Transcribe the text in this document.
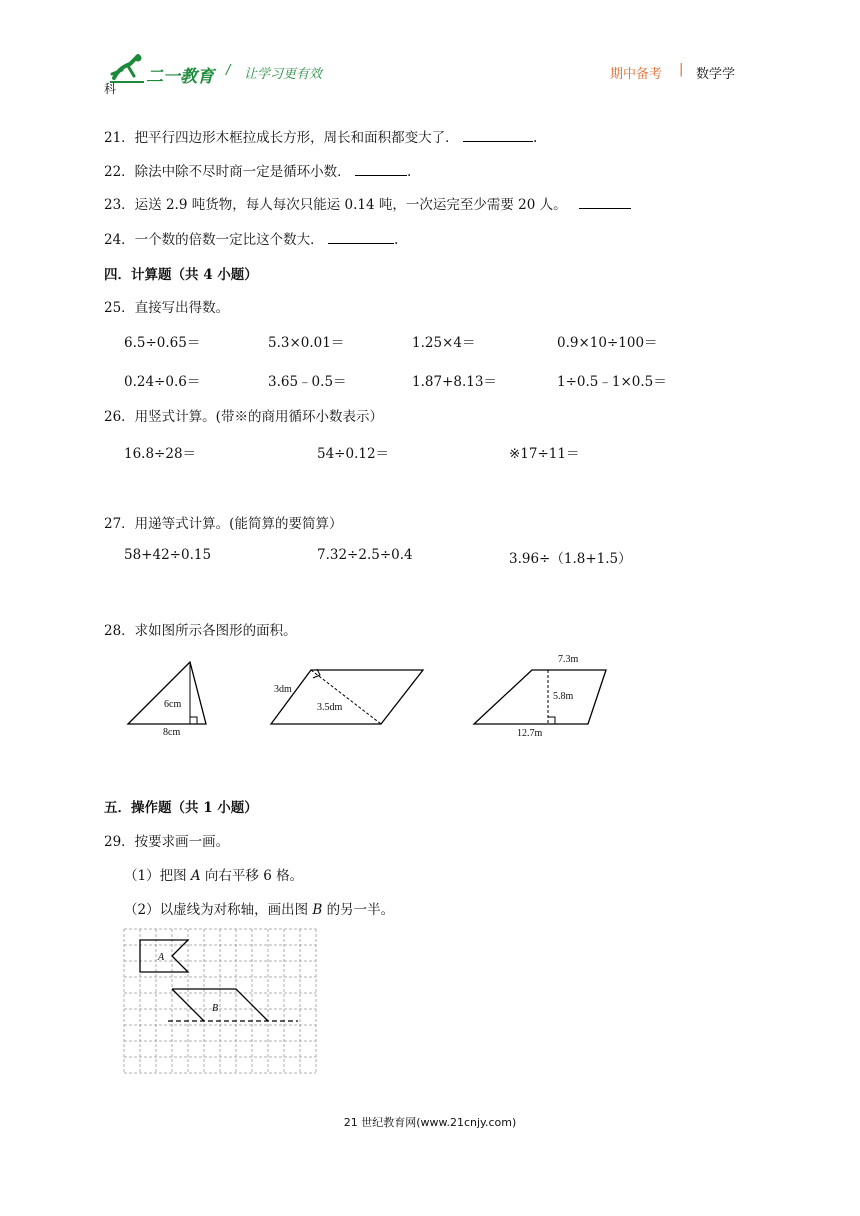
二一教育
科
/ 让学习更有效	期中备考 | 数学学
21．把平行四边形木框拉成长方形，周长和面积都变大了．	.
22．除法中除不尽时商一定是循环小数．	.
23．运送 2.9 吨货物，每人每次只能运 0.14 吨，一次运完至少需要 20 人。
24．一个数的倍数一定比这个数大．	.
四．计算题（共 4 小题）
25．直接写出得数。
6.5÷0.65＝	5.3×0.01＝	1.25×4＝	0.9×10÷100＝
0.24÷0.6＝	3.65﹣0.5＝	1.87+8.13＝	1÷0.5﹣1×0.5＝
26．用竖式计算。(带※的商用循环小数表示）
16.8÷28＝	54÷0.12＝	※17÷11＝
27．用递等式计算。(能简算的要简算）
58+42÷0.15	7.32÷2.5÷0.4	3.96÷（1.8+1.5）
28．求如图所示各图形的面积。
6cm
8cm
3dm
3.5dm
7.3m
5.8m
12.7m
五．操作题（共 1 小题）
29．按要求画一画。
（1）把图 A 向右平移 6 格。
（2）以虚线为对称轴，画出图 B 的另一半。
A
B
21 世纪教育网(www.21cnjy.com)
